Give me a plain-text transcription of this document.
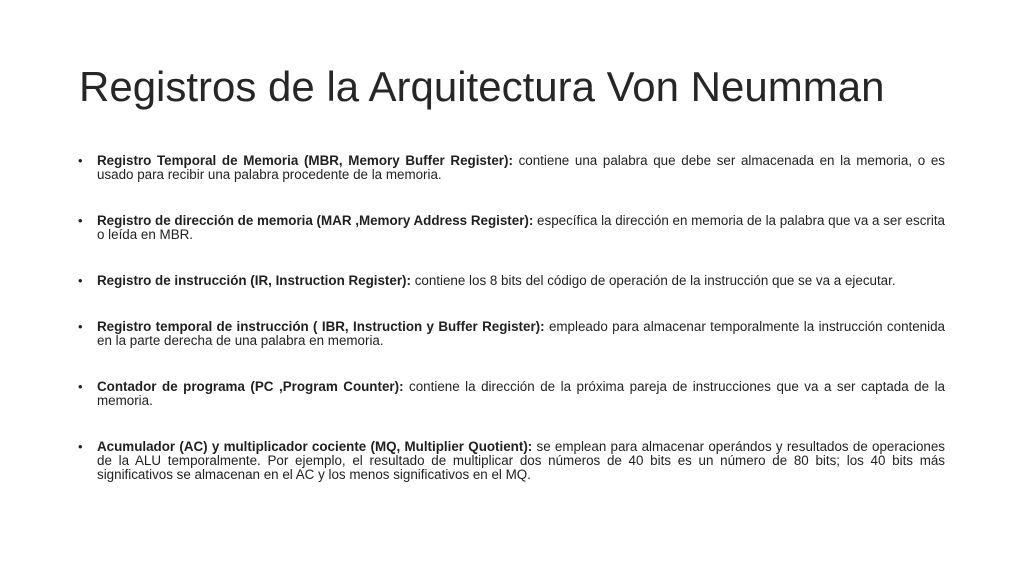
Registros de la Arquitectura Von Neumman
• Registro Temporal de Memoria (MBR, Memory Buffer Register): contiene una palabra que debe ser almacenada en la memoria, o es usado para recibir una palabra procedente de la memoria.
• Registro de dirección de memoria (MAR ,Memory Address Register): específica la dirección en memoria de la palabra que va a ser escrita o leída en MBR.
• Registro de instrucción (IR, Instruction Register): contiene los 8 bits del código de operación de la instrucción que se va a ejecutar.
• Registro temporal de instrucción ( IBR, Instruction y Buffer Register): empleado para almacenar temporalmente la instrucción contenida en la parte derecha de una palabra en memoria.
• Contador de programa (PC ,Program Counter): contiene la dirección de la próxima pareja de instrucciones que va a ser captada de la memoria.
• Acumulador (AC) y multiplicador cociente (MQ, Multiplier Quotient): se emplean para almacenar operándos y resultados de operaciones de la ALU temporalmente. Por ejemplo, el resultado de multiplicar dos números de 40 bits es un número de 80 bits; los 40 bits más significativos se almacenan en el AC y los menos significativos en el MQ.
